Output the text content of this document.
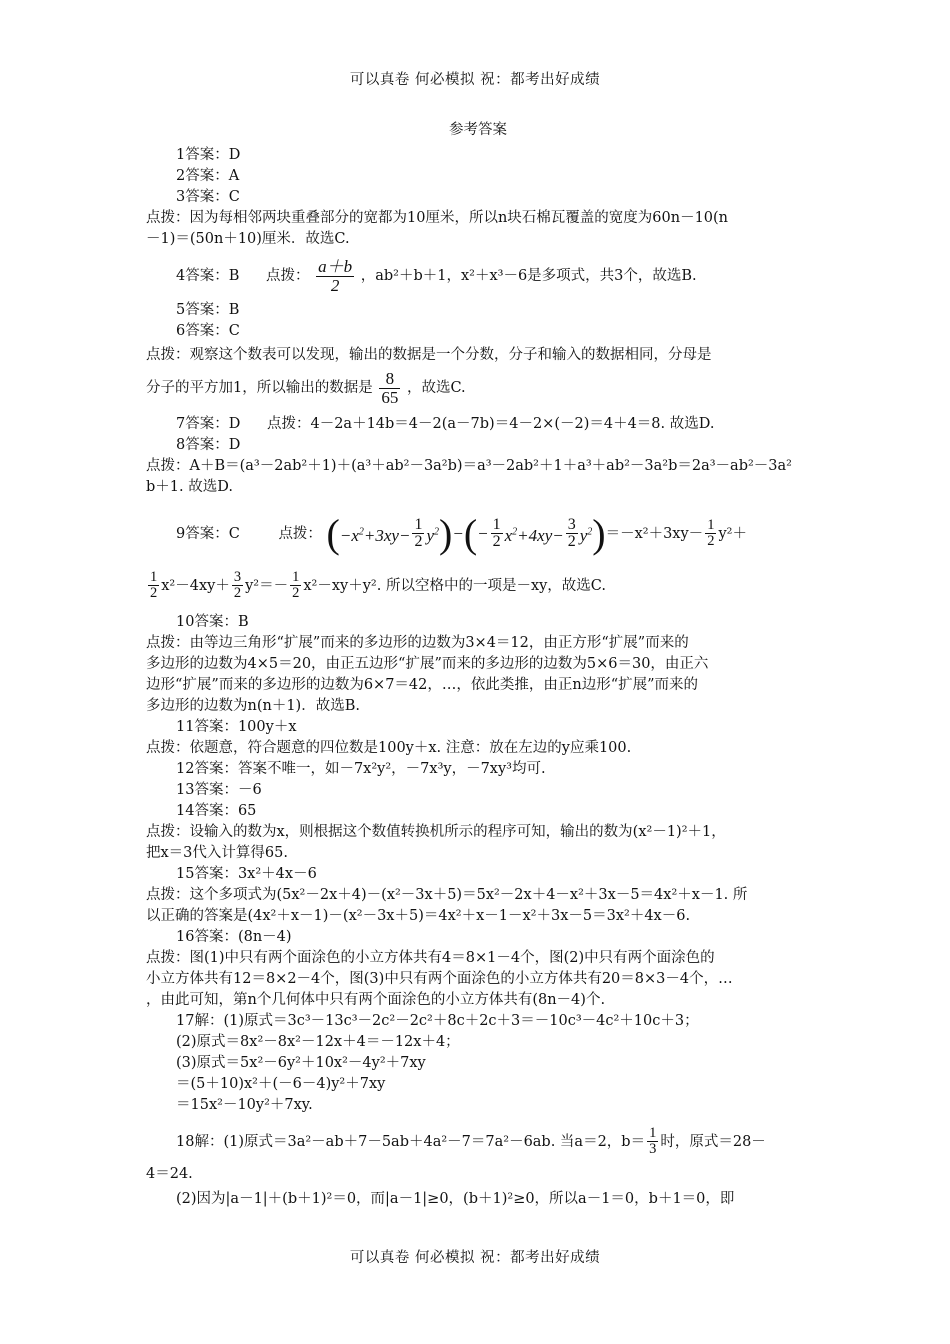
可以真卷 何必模拟 祝：都考出好成绩
参考答案
1答案：D
2答案：A
3答案：C
点拨：因为每相邻两块重叠部分的宽都为10厘米，所以n块石棉瓦覆盖的宽度为60n－10(n
－1)＝(50n＋10)厘米．故选C.
4答案：B 点拨： $\frac{a+b}{2}$ ，ab²＋b＋1，x²＋x³－6是多项式，共3个，故选B.
5答案：B
6答案：C
点拨：观察这个数表可以发现，输出的数据是一个分数，分子和输入的数据相同，分母是
分子的平方加1，所以输出的数据是 $\frac{8}{65}$ ，故选C.
7答案：D 点拨：4－2a＋14b＝4－2(a－7b)＝4－2×(－2)＝4＋4＝8. 故选D.
8答案：D
点拨：A＋B＝(a³－2ab²＋1)＋(a³＋ab²－3a²b)＝a³－2ab²＋1＋a³＋ab²－3a²b＝2a³－ab²－3a²
b＋1. 故选D.
9答案：C	点拨： $(-x^2+3xy- \frac{1}{2} y^2)-(- \frac{1}{2} x^2+4xy- \frac{3}{2} y^2)=-x^2+3xy- \frac{1}{2} y^2+$
$\frac{1}{2} x^2-4xy+ \frac{3}{2} y^2=- \frac{1}{2} x^2-xy+y^2$. 所以空格中的一项是－xy，故选C.
10答案：B
点拨：由等边三角形“扩展”而来的多边形的边数为3×4＝12，由正方形“扩展”而来的
多边形的边数为4×5＝20，由正五边形“扩展”而来的多边形的边数为5×6＝30，由正六
边形“扩展”而来的多边形的边数为6×7＝42，…，依此类推，由正n边形“扩展”而来的
多边形的边数为n(n＋1)．故选B.
11答案：100y＋x
点拨：依题意，符合题意的四位数是100y＋x. 注意：放在左边的y应乘100.
12答案：答案不唯一，如－7x²y²，－7x³y，－7xy³均可.
13答案：－6
14答案：65
点拨：设输入的数为x，则根据这个数值转换机所示的程序可知，输出的数为(x²－1)²＋1，
把x＝3代入计算得65.
15答案：3x²＋4x－6
点拨：这个多项式为(5x²－2x＋4)－(x²－3x＋5)＝5x²－2x＋4－x²＋3x－5＝4x²＋x－1. 所
以正确的答案是(4x²＋x－1)－(x²－3x＋5)＝4x²＋x－1－x²＋3x－5＝3x²＋4x－6.
16答案：(8n－4)
点拨：图(1)中只有两个面涂色的小立方体共有4＝8×1－4个，图(2)中只有两个面涂色的
小立方体共有12＝8×2－4个，图(3)中只有两个面涂色的小立方体共有20＝8×3－4个，…
，由此可知，第n个几何体中只有两个面涂色的小立方体共有(8n－4)个.
17解：(1)原式＝3c³－13c³－2c²－2c²＋8c＋2c＋3＝－10c³－4c²＋10c＋3；
(2)原式＝8x²－8x²－12x＋4＝－12x＋4；
(3)原式＝5x²－6y²＋10x²－4y²＋7xy
＝(5＋10)x²＋(－6－4)y²＋7xy
＝15x²－10y²＋7xy.
18解：(1)原式＝3a²－ab＋7－5ab＋4a²－7＝7a²－6ab. 当a＝2，$b= \frac{1}{3}$ 时，原式＝28－
4＝24.
(2)因为|a－1|＋(b＋1)²＝0，而|a－1|≥0，(b＋1)²≥0，所以a－1＝0，b＋1＝0，即
可以真卷 何必模拟 祝：都考出好成绩
